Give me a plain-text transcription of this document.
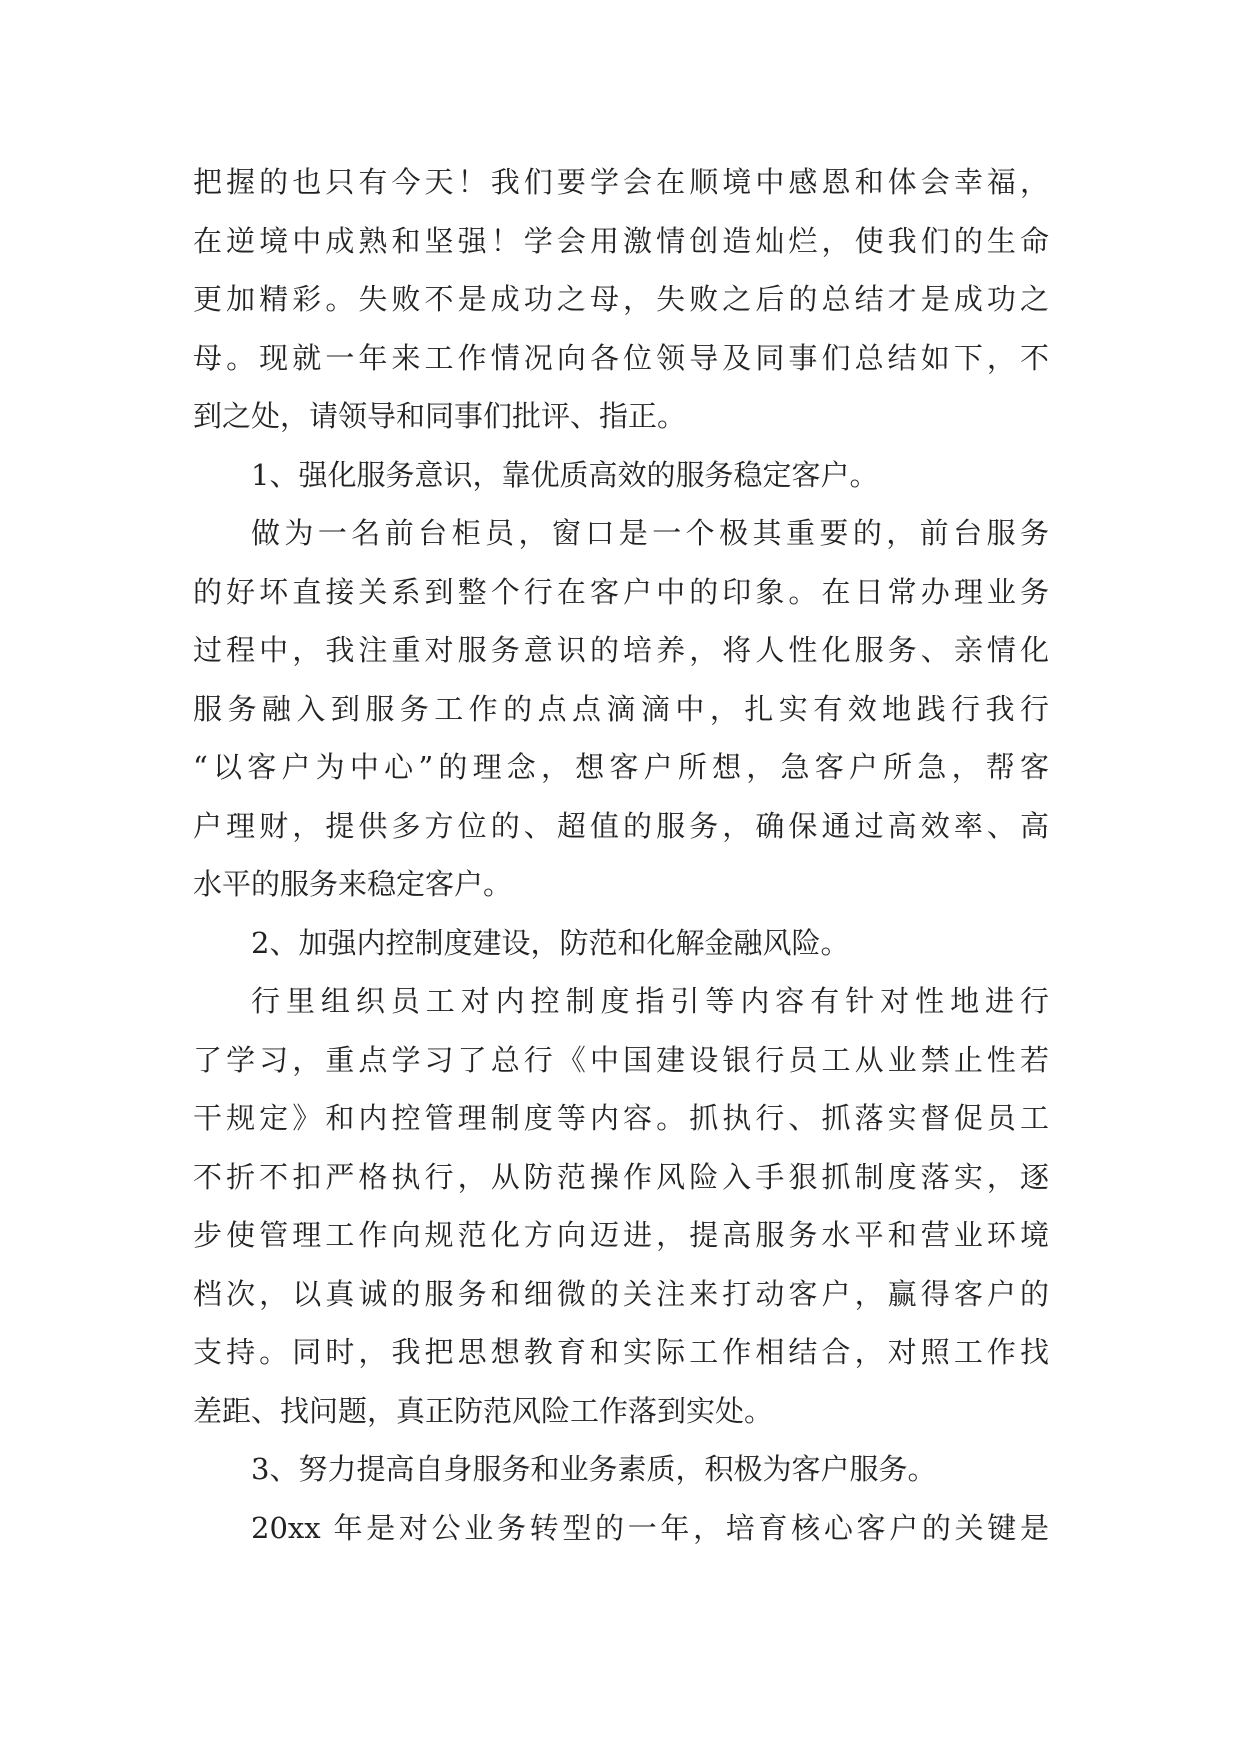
把握的也只有今天！我们要学会在顺境中感恩和体会幸福，
在逆境中成熟和坚强！学会用激情创造灿烂，使我们的生命
更加精彩。失败不是成功之母，失败之后的总结才是成功之
母。现就一年来工作情况向各位领导及同事们总结如下，不
到之处，请领导和同事们批评、指正。

1、强化服务意识，靠优质高效的服务稳定客户。

做为一名前台柜员，窗口是一个极其重要的，前台服务
的好坏直接关系到整个行在客户中的印象。在日常办理业务
过程中，我注重对服务意识的培养，将人性化服务、亲情化
服务融入到服务工作的点点滴滴中，扎实有效地践行我行
“以客户为中心”的理念，想客户所想，急客户所急，帮客
户理财，提供多方位的、超值的服务，确保通过高效率、高
水平的服务来稳定客户。

2、加强内控制度建设，防范和化解金融风险。

行里组织员工对内控制度指引等内容有针对性地进行
了学习，重点学习了总行《中国建设银行员工从业禁止性若
干规定》和内控管理制度等内容。抓执行、抓落实督促员工
不折不扣严格执行，从防范操作风险入手狠抓制度落实，逐
步使管理工作向规范化方向迈进，提高服务水平和营业环境
档次，以真诚的服务和细微的关注来打动客户，赢得客户的
支持。同时，我把思想教育和实际工作相结合，对照工作找
差距、找问题，真正防范风险工作落到实处。

3、努力提高自身服务和业务素质，积极为客户服务。

20xx 年是对公业务转型的一年，培育核心客户的关键是
